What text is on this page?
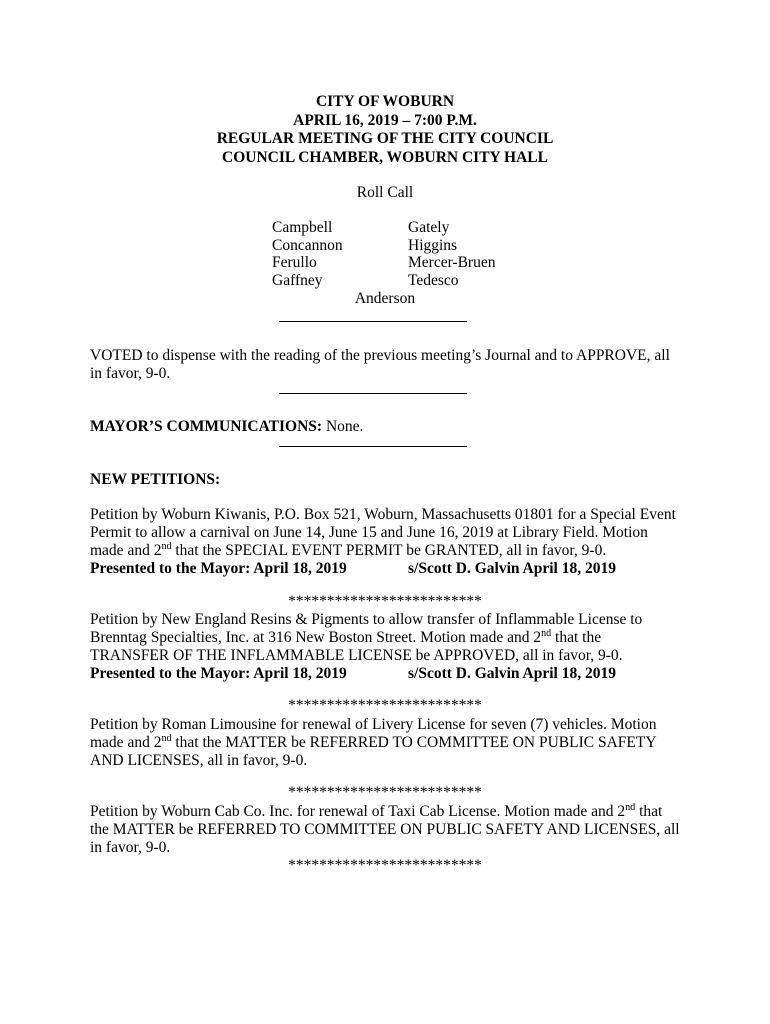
CITY OF WOBURN
APRIL 16, 2019 – 7:00 P.M.
REGULAR MEETING OF THE CITY COUNCIL
COUNCIL CHAMBER, WOBURN CITY HALL
Roll Call
Campbell	Gately
Concannon	Higgins
Ferullo	Mercer-Bruen
Gaffney	Tedesco
Anderson
VOTED to dispense with the reading of the previous meeting’s Journal and to APPROVE, all in favor, 9-0.
MAYOR’S COMMUNICATIONS: None.
NEW PETITIONS:
Petition by Woburn Kiwanis, P.O. Box 521, Woburn, Massachusetts 01801 for a Special Event Permit to allow a carnival on June 14, June 15 and June 16, 2019 at Library Field. Motion made and 2nd that the SPECIAL EVENT PERMIT be GRANTED, all in favor, 9-0.
Presented to the Mayor: April 18, 2019	s/Scott D. Galvin April 18, 2019
*************************
Petition by New England Resins & Pigments to allow transfer of Inflammable License to Brenntag Specialties, Inc. at 316 New Boston Street. Motion made and 2nd that the TRANSFER OF THE INFLAMMABLE LICENSE be APPROVED, all in favor, 9-0.
Presented to the Mayor: April 18, 2019	s/Scott D. Galvin April 18, 2019
*************************
Petition by Roman Limousine for renewal of Livery License for seven (7) vehicles. Motion made and 2nd that the MATTER be REFERRED TO COMMITTEE ON PUBLIC SAFETY AND LICENSES, all in favor, 9-0.
*************************
Petition by Woburn Cab Co. Inc. for renewal of Taxi Cab License. Motion made and 2nd that the MATTER be REFERRED TO COMMITTEE ON PUBLIC SAFETY AND LICENSES, all in favor, 9-0.
*************************
